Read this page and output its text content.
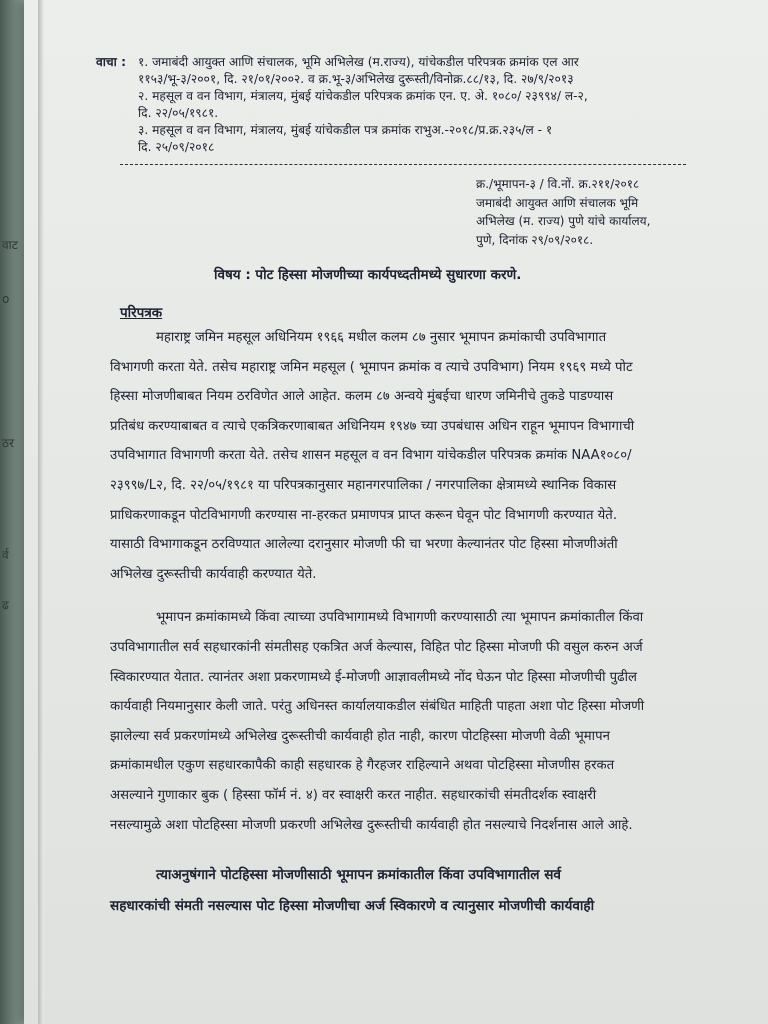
वाट
o
ठर
र्व
ढ
वाचा : १. जमाबंदी आयुक्त आणि संचालक, भूमि अभिलेख (म.राज्य), यांचेकडील परिपत्रक क्रमांक एल आर
११५३/भू-३/२००१, दि. २१/०१/२००२. व क्र.भू-३/अभिलेख दुरूस्ती/विनोक्र.८८/१३, दि. २७/९/२०१३
२. महसूल व वन विभाग, मंत्रालय, मुंबई यांचेकडील परिपत्रक क्रमांक एन. ए. अे. १०८०/ २३९९४/ ल-२,
दि. २२/०५/१९८१.
३. महसूल व वन विभाग, मंत्रालय, मुंबई यांचेकडील पत्र क्रमांक राभुअ.-२०१८/प्र.क्र.२३५/ल - १
दि. २५/०९/२०१८
क्र./भूमापन-३ / वि.नों. क्र.२११/२०१८
जमाबंदी आयुक्त आणि संचालक भूमि
अभिलेख (म. राज्य) पुणे यांचे कार्यालय,
पुणे, दिनांक २९/०९/२०१८.
विषय : पोट हिस्सा मोजणीच्या कार्यपध्दतीमध्ये सुधारणा करणे.
परिपत्रक
महाराष्ट्र जमिन महसूल अधिनियम १९६६ मधील कलम ८७ नुसार भूमापन क्रमांकाची उपविभागात
विभागणी करता येते. तसेच महाराष्ट्र जमिन महसूल ( भूमापन क्रमांक व त्याचे उपविभाग) नियम १९६९ मध्ये पोट
हिस्सा मोजणीबाबत नियम ठरविणेत आले आहेत. कलम ८७ अन्वये मुंबईचा धारण जमिनीचे तुकडे पाडण्यास
प्रतिबंध करण्याबाबत व त्याचे एकत्रिकरणाबाबत अधिनियम १९४७ च्या उपबंधास अधिन राहून भूमापन विभागाची
उपविभागात विभागणी करता येते. तसेच शासन महसूल व वन विभाग यांचेकडील परिपत्रक क्रमांक NAA१०८०/
२३९९७/L२, दि. २२/०५/१९८१ या परिपत्रकानुसार महानगरपालिका / नगरपालिका क्षेत्रामध्ये स्थानिक विकास
प्राधिकरणाकडून पोटविभागणी करण्यास ना-हरकत प्रमाणपत्र प्राप्त करून घेवून पोट विभागणी करण्यात येते.
यासाठी विभागाकडून ठरविण्यात आलेल्या दरानुसार मोजणी फी चा भरणा केल्यानंतर पोट हिस्सा मोजणीअंती
अभिलेख दुरूस्तीची कार्यवाही करण्यात येते.
भूमापन क्रमांकामध्ये किंवा त्याच्या उपविभागामध्ये विभागणी करण्यासाठी त्या भूमापन क्रमांकातील किंवा
उपविभागातील सर्व सहधारकांनी संमतीसह एकत्रित अर्ज केल्यास, विहित पोट हिस्सा मोजणी फी वसुल करुन अर्ज
स्विकारण्यात येतात. त्यानंतर अशा प्रकरणामध्ये ई-मोजणी आज्ञावलीमध्ये नोंद घेऊन पोट हिस्सा मोजणीची पुढील
कार्यवाही नियमानुसार केली जाते. परंतु अधिनस्त कार्यालयाकडील संबंधित माहिती पाहता अशा पोट हिस्सा मोजणी
झालेल्या सर्व प्रकरणांमध्ये अभिलेख दुरूस्तीची कार्यवाही होत नाही, कारण पोटहिस्सा मोजणी वेळी भूमापन
क्रमांकामधील एकुण सहधारकापैकी काही सहधारक हे गैरहजर राहिल्याने अथवा पोटहिस्सा मोजणीस हरकत
असल्याने गुणाकार बुक ( हिस्सा फॉर्म नं. ४) वर स्वाक्षरी करत नाहीत. सहधारकांची संमतीदर्शक स्वाक्षरी
नसल्यामुळे अशा पोटहिस्सा मोजणी प्रकरणी अभिलेख दुरूस्तीची कार्यवाही होत नसल्याचे निदर्शनास आले आहे.
त्याअनुषंगाने पोटहिस्सा मोजणीसाठी भूमापन क्रमांकातील किंवा उपविभागातील सर्व
सहधारकांची संमती नसल्यास पोट हिस्सा मोजणीचा अर्ज स्विकारणे व त्यानुसार मोजणीची कार्यवाही
